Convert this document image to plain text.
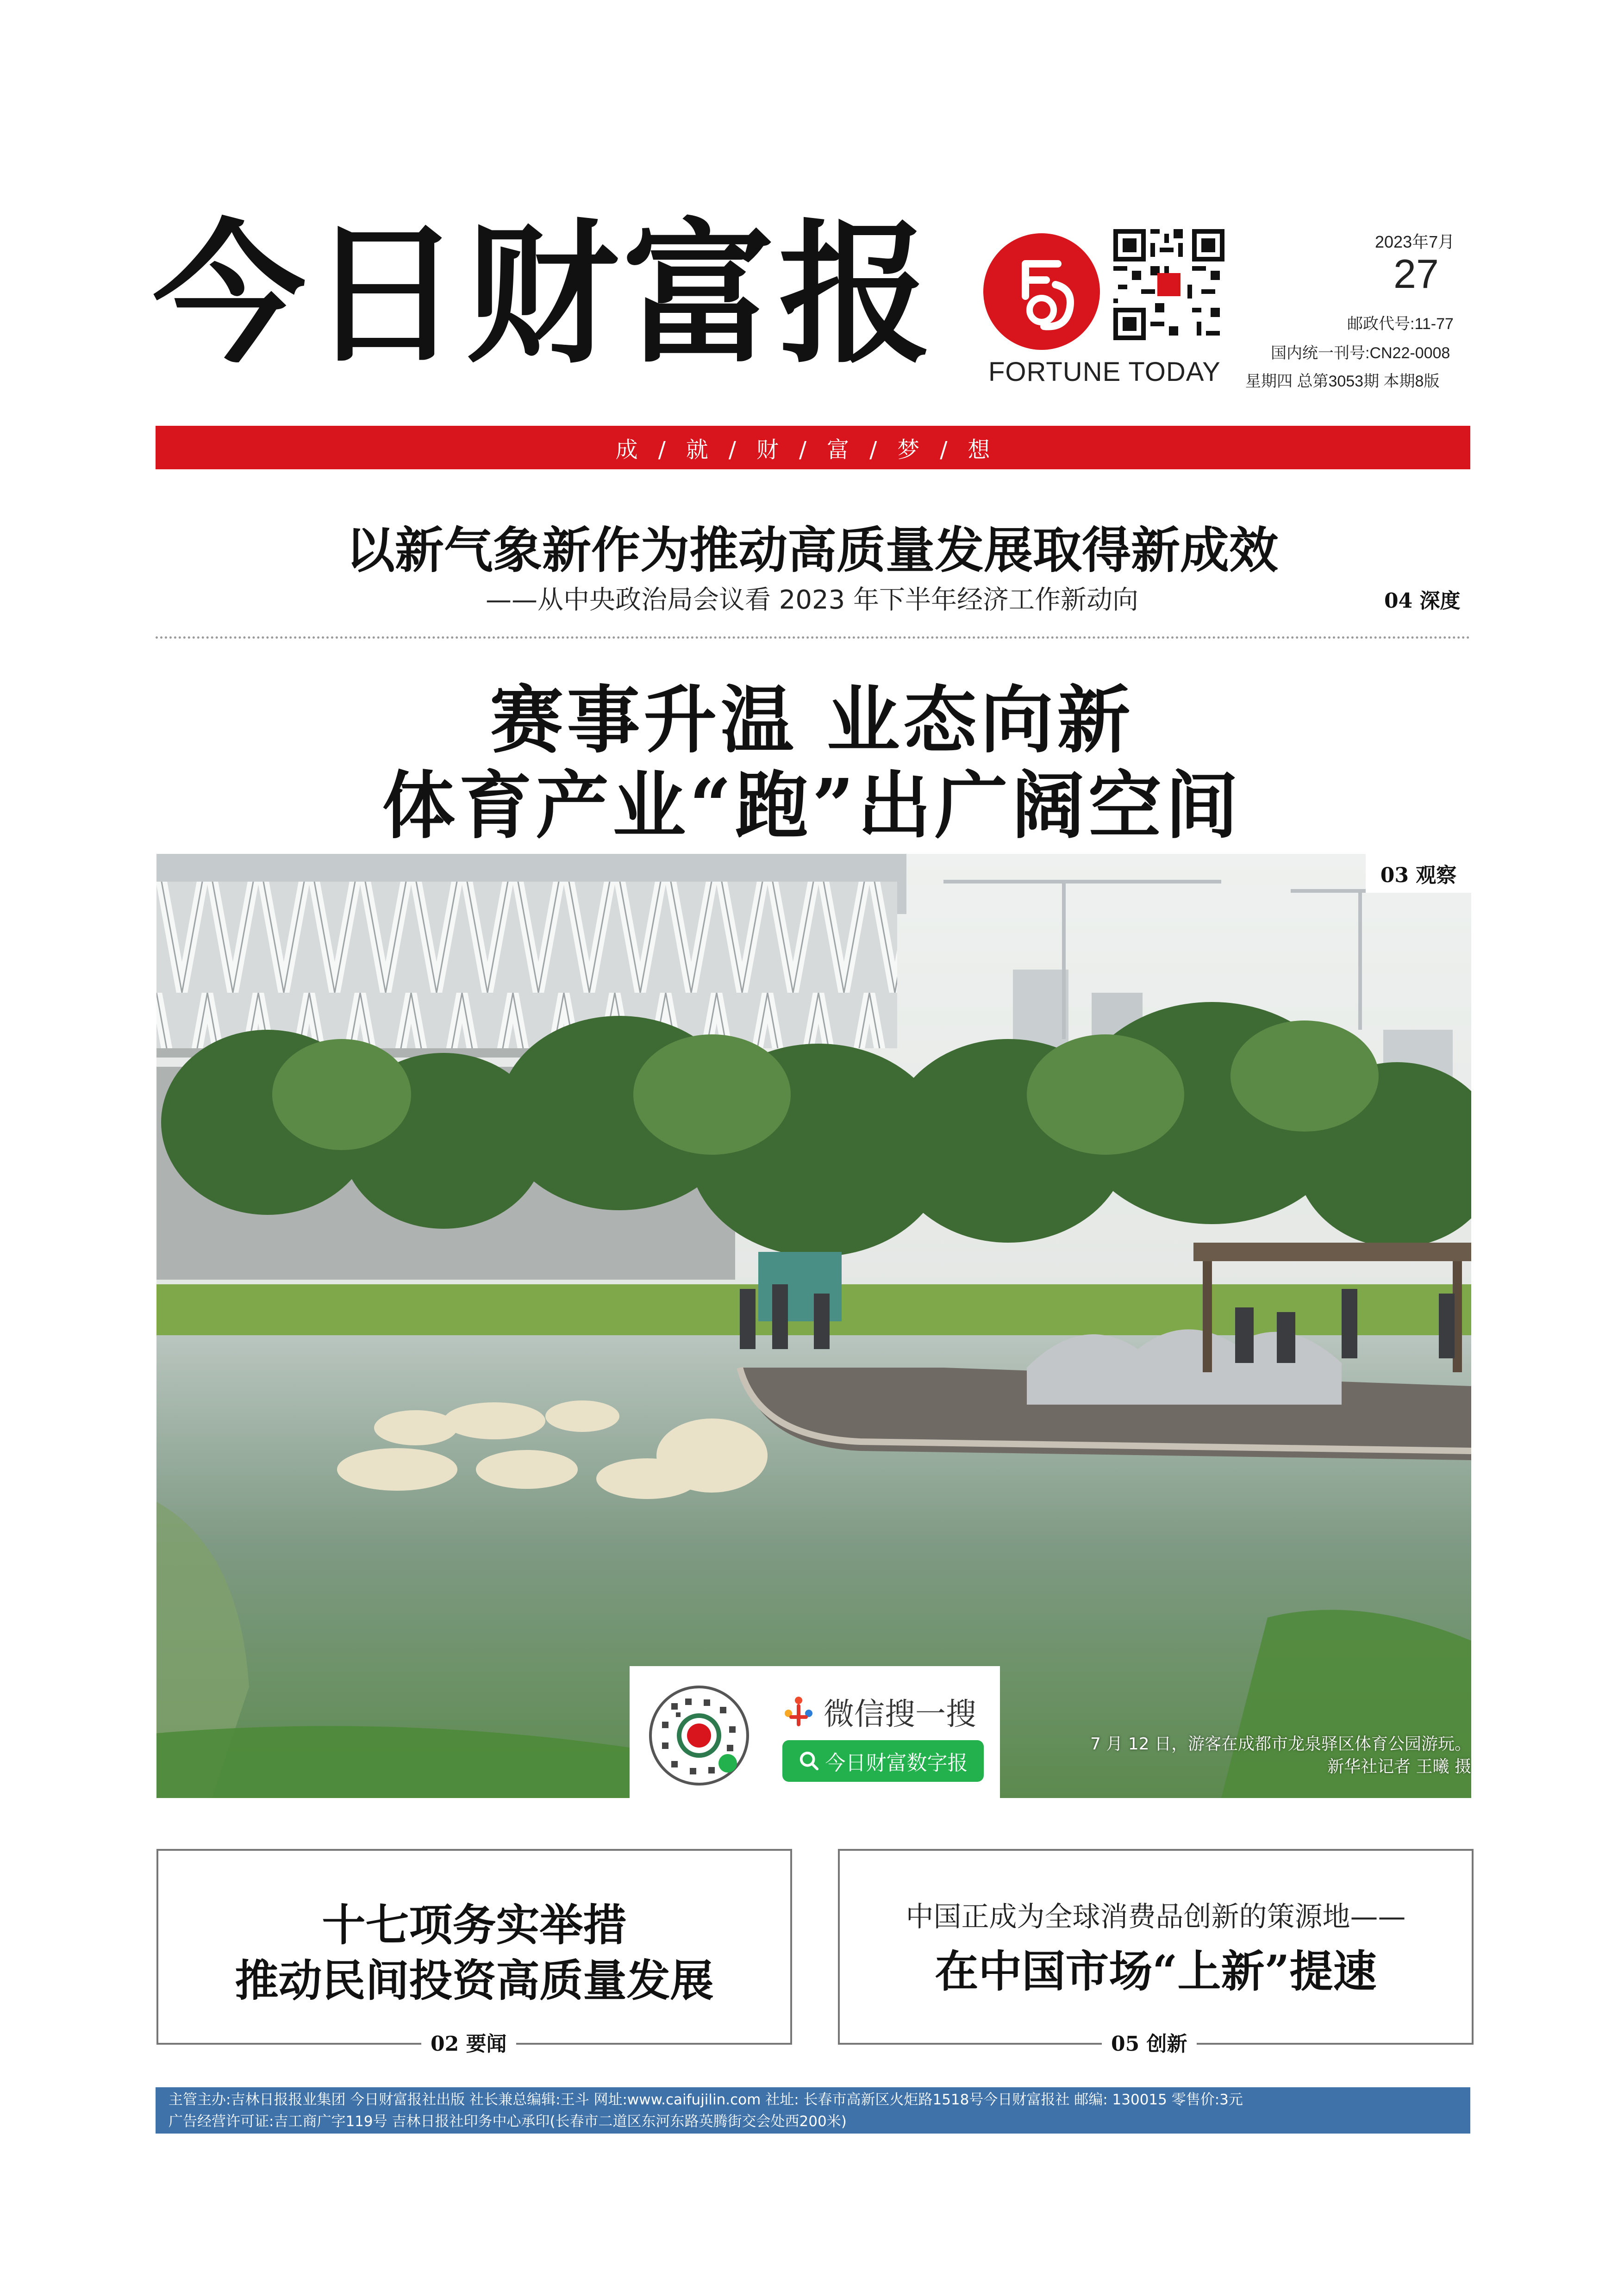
今日财富报 FORTUNE TODAY
2023年7月
27
邮政代号:11-77
国内统一刊号:CN22-0008
星期四 总第3053期 本期8版
成/就/财/富/梦/想
以新气象新作为推动高质量发展取得新成效
——从中央政治局会议看 2023 年下半年经济工作新动向	04 深度
赛事升温 业态向新
体育产业“跑”出广阔空间
03 观察
7 月 12 日，游客在成都市龙泉驿区体育公园游玩。
新华社记者 王曦 摄
微信搜一搜
今日财富数字报
十七项务实举措
推动民间投资高质量发展
中国正成为全球消费品创新的策源地——
在中国市场“上新”提速
02 要闻	05 创新
主管主办:吉林日报报业集团 今日财富报社出版 社长兼总编辑:王斗 网址:www.caifujilin.com 社址: 长春市高新区火炬路1518号今日财富报社 邮编: 130015 零售价:3元
广告经营许可证:吉工商广字119号 吉林日报社印务中心承印(长春市二道区东河东路英腾街交会处西200米)
